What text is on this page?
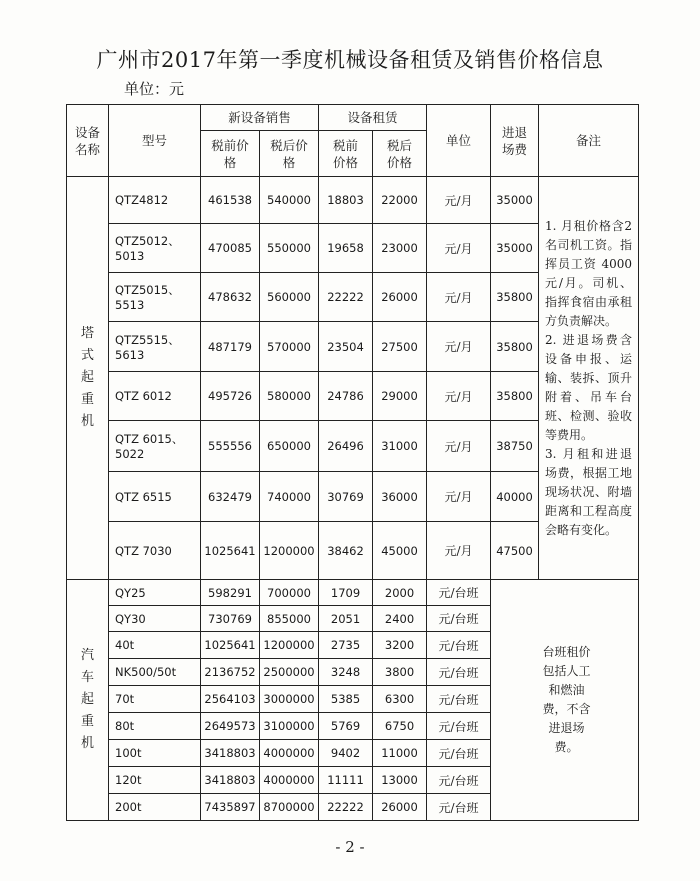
广州市2017年第一季度机械设备租赁及销售价格信息
单位：元
设备名称	型号	新设备销售		设备租赁		单位	进退场费	备注
		税前价格	税后价格	税前价格	税后价格			
塔式起重机	QTZ4812	461538	540000	18803	22000	元/月	35000	1. 月租价格含2名司机工资。指挥员工资 4000元/月。司机、指挥食宿由承租方负责解决。

2. 进退场费含设备申报、运输、装拆、顶升附着、吊车台班、检测、验收等费用。

3. 月租和进退场费，根据工地现场状况、附墙距离和工程高度会略有变化。

	QTZ5012、5013	470085	550000	19658	23000	元/月	35000	
	QTZ5015、5513	478632	560000	22222	26000	元/月	35800	
	QTZ5515、5613	487179	570000	23504	27500	元/月	35800	
	QTZ 6012	495726	580000	24786	29000	元/月	35800	
	QTZ 6015、5022	555556	650000	26496	31000	元/月	38750	
	QTZ 6515	632479	740000	30769	36000	元/月	40000	
	QTZ 7030	1025641	1200000	38462	45000	元/月	47500	
汽车起重机	QY25	598291	700000	1709	2000	元/台班	台班租价包括人工和燃油费，不含进退场费。	
	QY30	730769	855000	2051	2400	元/台班		
	40t	1025641	1200000	2735	3200	元/台班		
	NK500/50t	2136752	2500000	3248	3800	元/台班		
	70t	2564103	3000000	5385	6300	元/台班		
	80t	2649573	3100000	5769	6750	元/台班		
	100t	3418803	4000000	9402	11000	元/台班		
	120t	3418803	4000000	11111	13000	元/台班		
	200t	7435897	8700000	22222	26000	元/台班		
- 2 -
